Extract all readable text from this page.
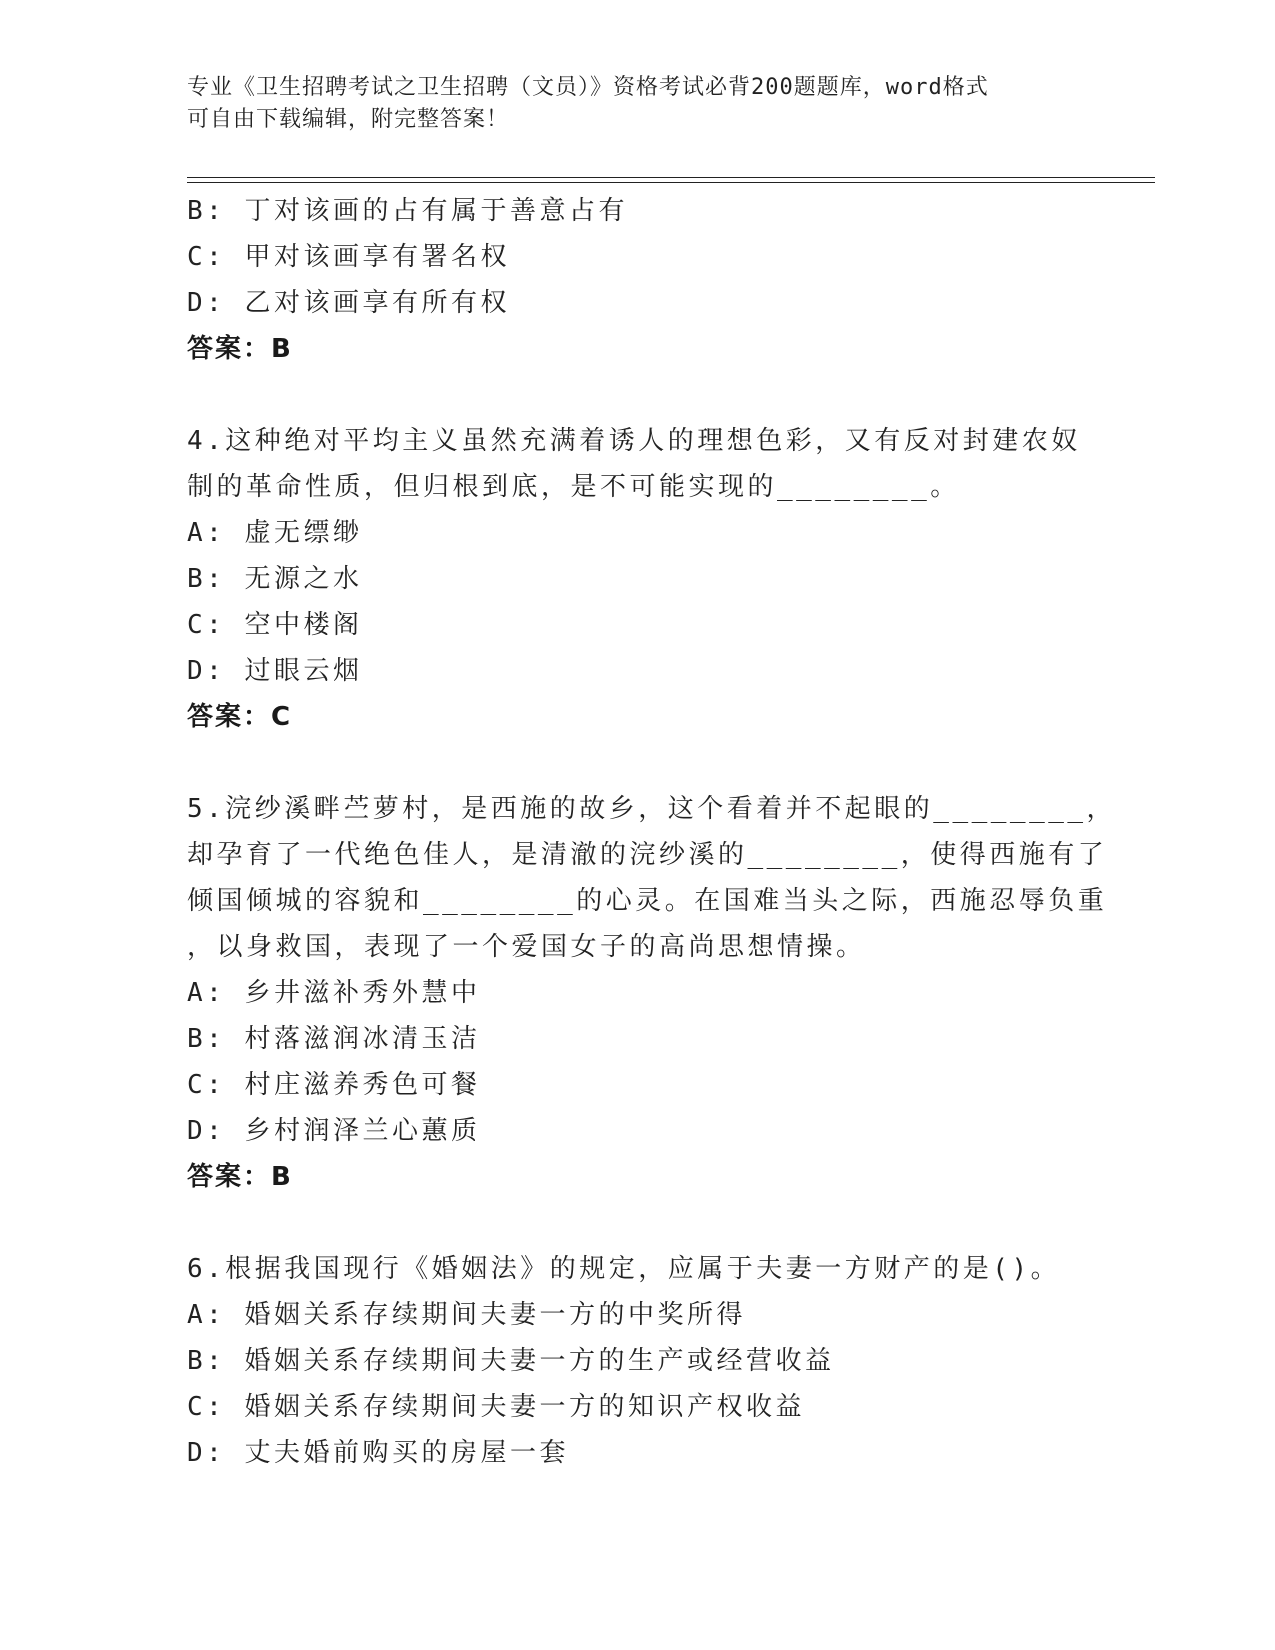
专业《卫生招聘考试之卫生招聘（文员）》资格考试必背200题题库，word格式
可自由下载编辑，附完整答案！
B: 丁对该画的占有属于善意占有
C: 甲对该画享有署名权
D: 乙对该画享有所有权
答案：B
4.这种绝对平均主义虽然充满着诱人的理想色彩，又有反对封建农奴
制的革命性质，但归根到底，是不可能实现的________。
A: 虚无缥缈
B: 无源之水
C: 空中楼阁
D: 过眼云烟
答案：C
5.浣纱溪畔苎萝村，是西施的故乡，这个看着并不起眼的________，
却孕育了一代绝色佳人，是清澈的浣纱溪的________，使得西施有了
倾国倾城的容貌和________的心灵。在国难当头之际，西施忍辱负重
，以身救国，表现了一个爱国女子的高尚思想情操。
A: 乡井滋补秀外慧中
B: 村落滋润冰清玉洁
C: 村庄滋养秀色可餐
D: 乡村润泽兰心蕙质
答案：B
6.根据我国现行《婚姻法》的规定，应属于夫妻一方财产的是()。
A: 婚姻关系存续期间夫妻一方的中奖所得
B: 婚姻关系存续期间夫妻一方的生产或经营收益
C: 婚姻关系存续期间夫妻一方的知识产权收益
D: 丈夫婚前购买的房屋一套
